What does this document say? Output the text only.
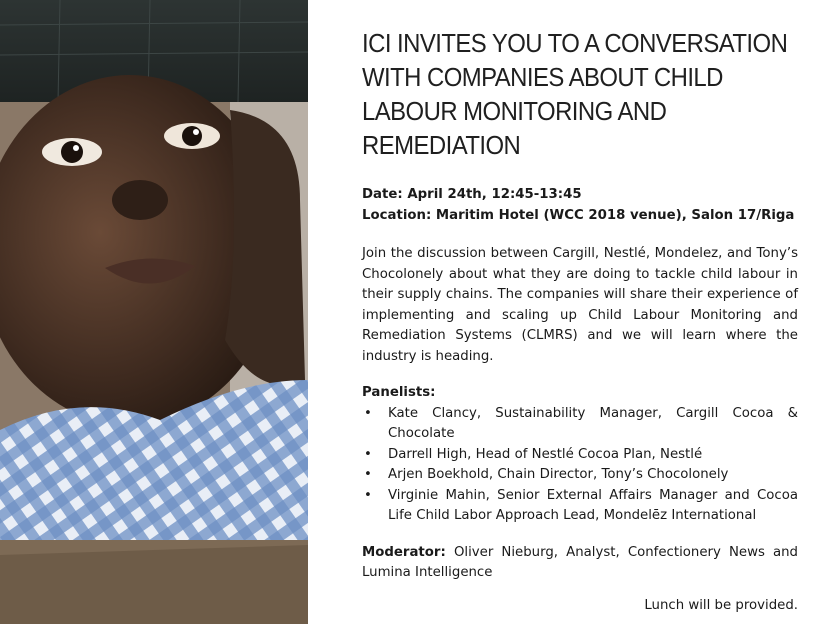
ICI INVITES YOU TO A CONVERSATION WITH COMPANIES ABOUT CHILD LABOUR MONITORING AND REMEDIATION
Date: April 24th, 12:45-13:45
Location: Maritim Hotel (WCC 2018 venue), Salon 17/Riga

Join the discussion between Cargill, Nestlé, Mondelez, and Tony’s Chocolonely about what they are doing to tackle child labour in their supply chains. The companies will share their experience of implementing and scaling up Child Labour Monitoring and Remediation Systems (CLMRS) and we will learn where the industry is heading.

Panelists:
• Kate Clancy, Sustainability Manager, Cargill Cocoa & Chocolate
• Darrell High, Head of Nestlé Cocoa Plan, Nestlé
• Arjen Boekhold, Chain Director, Tony’s Chocolonely
• Virginie Mahin, Senior External Affairs Manager and Cocoa Life Child Labor Approach Lead, Mondelēz International
Moderator: Oliver Nieburg, Analyst, Confectionery News and Lumina Intelligence
Lunch will be provided.
